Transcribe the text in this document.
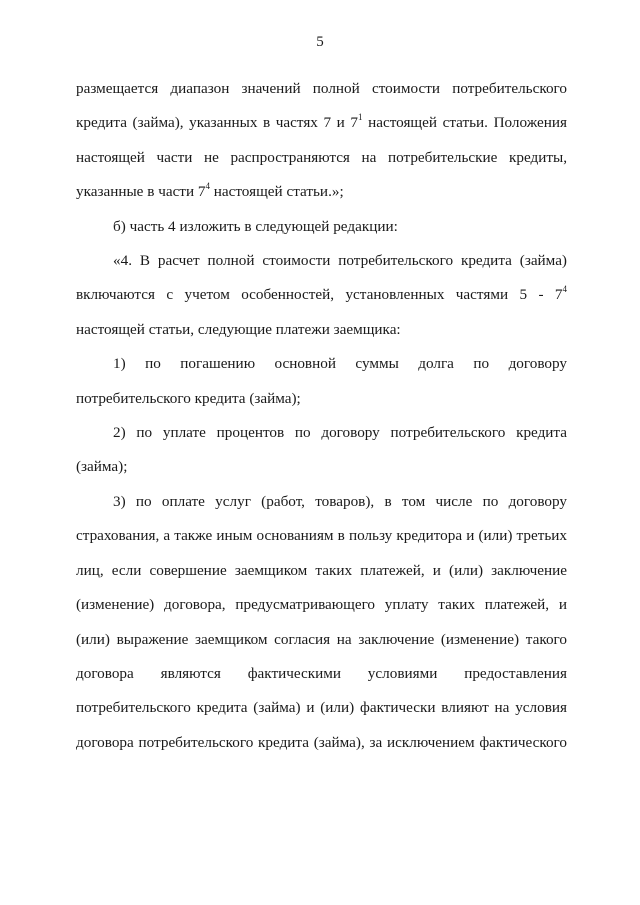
5

размещается диапазон значений полной стоимости потребительского
кредита (займа), указанных в частях 7 и $7^1$ настоящей статьи. Положения
настоящей части не распространяются на потребительские кредиты,
указанные в части $7^4$ настоящей статьи.»;

б) часть 4 изложить в следующей редакции:

«4. В расчет полной стоимости потребительского кредита (займа)
включаются с учетом особенностей, установленных частями $5 - 7^4$
настоящей статьи, следующие платежи заемщика:

1) по погашению основной суммы долга по договору
потребительского кредита (займа);

2) по уплате процентов по договору потребительского кредита
(займа);

3) по оплате услуг (работ, товаров), в том числе по договору
страхования, а также иным основаниям в пользу кредитора и (или) третьих
лиц, если совершение заемщиком таких платежей, и (или) заключение
(изменение) договора, предусматривающего уплату таких платежей, и
(или) выражение заемщиком согласия на заключение (изменение) такого
договора являются фактическими условиями предоставления
потребительского кредита (займа) и (или) фактически влияют на условия
договора потребительского кредита (займа), за исключением фактического
